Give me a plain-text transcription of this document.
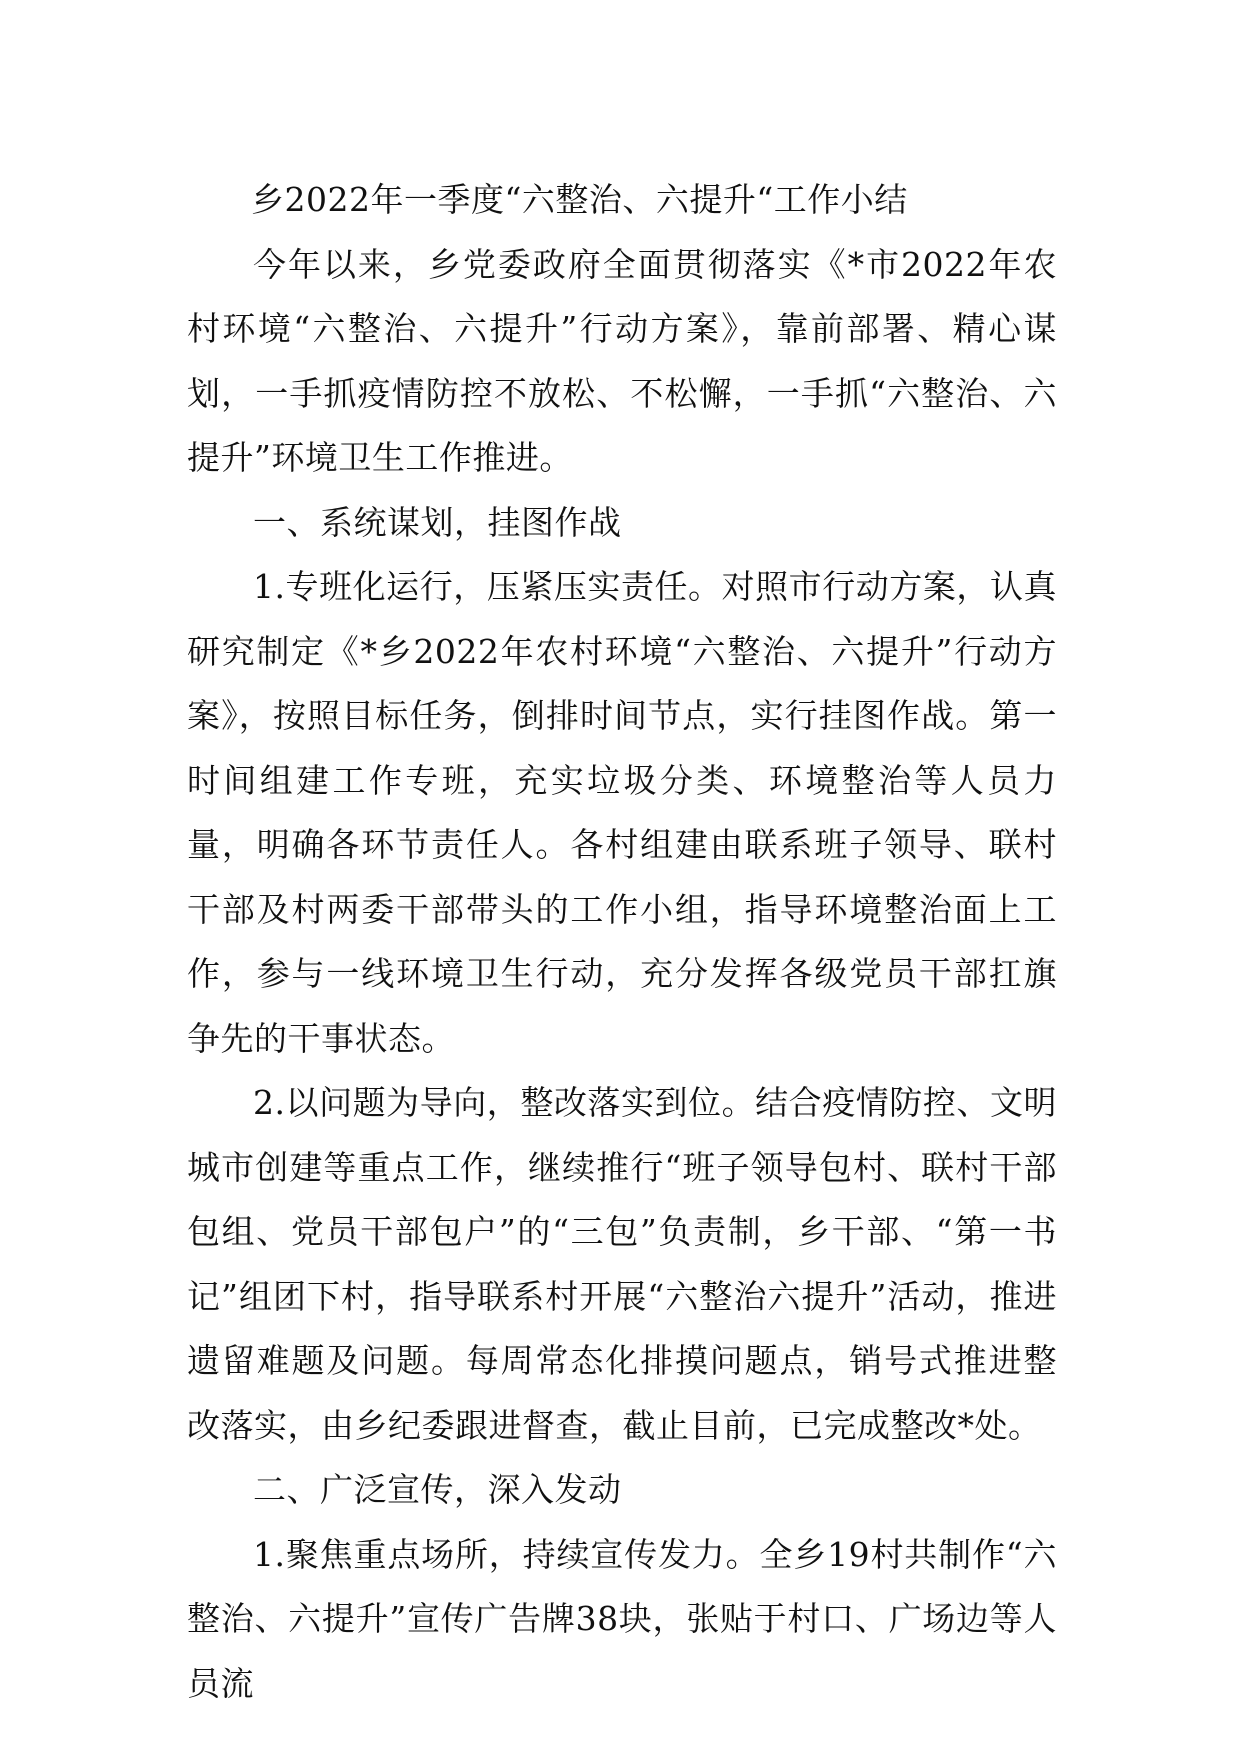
乡2022年一季度“六整治、六提升“工作小结

今年以来，乡党委政府全面贯彻落实《*市2022年农村环境“六整治、六提升”行动方案》，靠前部署、精心谋划，一手抓疫情防控不放松、不松懈，一手抓“六整治、六提升”环境卫生工作推进。

一、系统谋划，挂图作战

1.专班化运行，压紧压实责任。对照市行动方案，认真研究制定《*乡2022年农村环境“六整治、六提升”行动方案》，按照目标任务，倒排时间节点，实行挂图作战。第一时间组建工作专班，充实垃圾分类、环境整治等人员力量，明确各环节责任人。各村组建由联系班子领导、联村干部及村两委干部带头的工作小组，指导环境整治面上工作，参与一线环境卫生行动，充分发挥各级党员干部扛旗争先的干事状态。

2.以问题为导向，整改落实到位。结合疫情防控、文明城市创建等重点工作，继续推行“班子领导包村、联村干部包组、党员干部包户”的“三包”负责制，乡干部、“第一书记”组团下村，指导联系村开展“六整治六提升”活动，推进遗留难题及问题。每周常态化排摸问题点，销号式推进整改落实，由乡纪委跟进督查，截止目前，已完成整改*处。

二、广泛宣传，深入发动

1.聚焦重点场所，持续宣传发力。全乡19村共制作“六整治、六提升”宣传广告牌38块，张贴于村口、广场边等人员流
